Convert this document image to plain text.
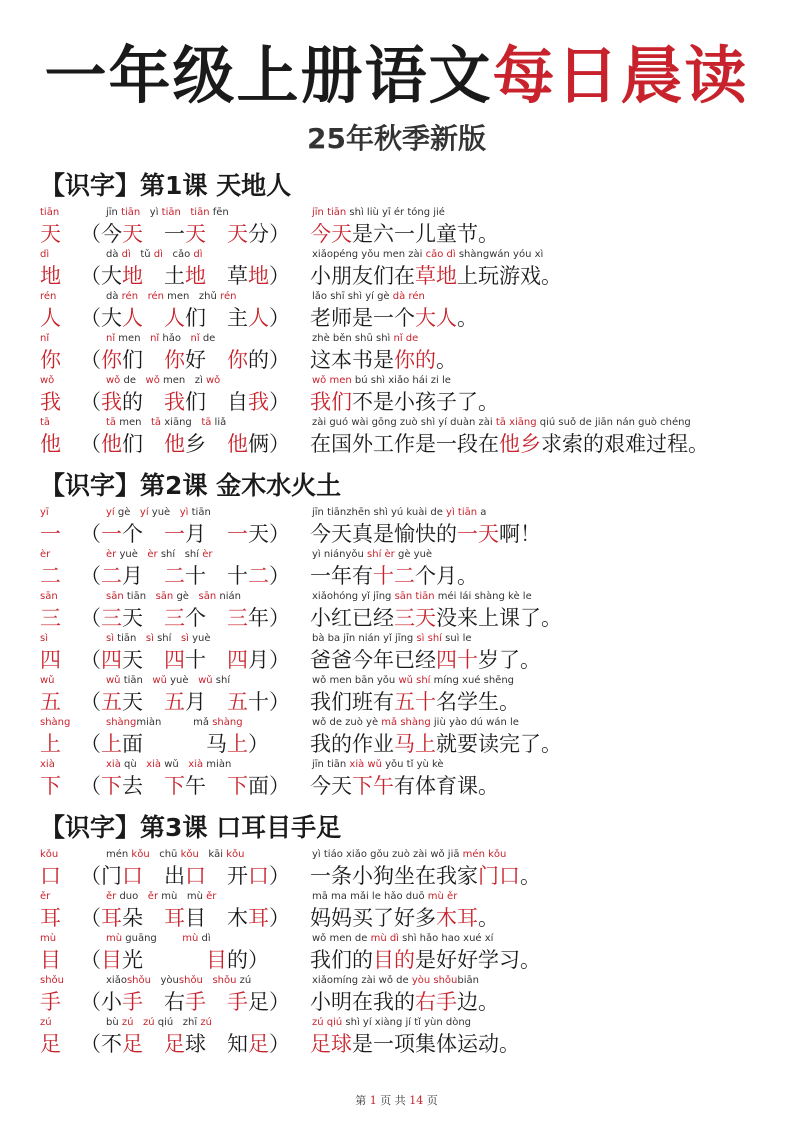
一年级上册语文每日晨读
25年秋季新版
【识字】第1课 天地人
tiān
天
jīn tiān   yì tiān tiān fēn
（今天　一天　 天分）
jīn tiān shì liù yī ér tóng jié
今天是六一儿童节。
dì
地
dà dì   tǔ dì   cǎo dì
（大地　土地　草地）
xiǎopéng yǒu men zài cǎo dì shàngwán yóu xì
小朋友们在草地上玩游戏。
rén
人
dà rén rén men   zhǔ rén
（大人　 人们　主人）
lǎo shī shì yí gè dà rén
老师是一个大人。
nǐ
你
nǐ men   nǐ hǎo   nǐ de
（你们　你好　你的）
zhè běn shū shì nǐ de
这本书是你的。
wǒ
我
wǒ de   wǒ men   zì wǒ
（我的　我们　自我）
wǒ men bú shì xiǎo hái zi le
我们不是小孩子了。
tā
他
tā men   tā xiāng   tā liǎ
（他们　他乡　他俩）
zài guó wài gōng zuò shì yí duàn zài tā xiāng qiú suǒ de jiān nán guò chéng
在国外工作是一段在他乡求索的艰难过程。
【识字】第2课 金木水火土
yī
一
yí gè   yí yuè   yì tiān
（一个　一月　一天）
jīn tiānzhēn shì yú kuài de yì tiān a
今天真是愉快的一天啊！
èr
二
èr yuè   èr shí   shí èr
（二月　二十　十二）
yì niányǒu shí èr gè yuè
一年有十二个月。
sān
三
sān tiān   sān gè   sān nián
（三天　三个　三年）
xiǎohóng yǐ jīng sān tiān méi lái shàng kè le
小红已经三天没来上课了。
sì
四
sì tiān   sì shí   sì yuè
（四天　四十　四月）
bà ba jīn nián yǐ jīng sì shí suì le
爸爸今年已经四十岁了。
wǔ
五
wǔ tiān   wǔ yuè   wǔ shí
（五天　五月　五十）
wǒ men bān yǒu wǔ shí míng xué shēng
我们班有五十名学生。
shàng
上
shàngmiàn          mǎ shàng
（上面　　　马上）
wǒ de zuò yè mǎ shàng jiù yào dú wán le
我的作业马上就要读完了。
xià
下
xià qù   xià wǔ   xià miàn
（下去　下午　下面）
jīn tiān xià wǔ yǒu tǐ yù kè
今天下午有体育课。
【识字】第3课 口耳目手足
kǒu
口
mén kǒu   chū kǒu   kāi kǒu
（门口　出口　开口）
yì tiáo xiǎo gǒu zuò zài wǒ jiā mén kǒu
一条小狗坐在我家门口。
ěr
耳
ěr duo   ěr mù   mù ěr
（耳朵　耳目　木耳）
mā ma mǎi le hǎo duō mù ěr
妈妈买了好多木耳。
mù
目
mù guāng        mù dì
（目光　　　目的）
wǒ men de mù dì shì hǎo hao xué xí
我们的目的是好好学习。
shǒu
手
xiǎoshǒu   yòushǒu shǒu zú
（小手　右手　 手足）
xiǎomíng zài wǒ de yòu shǒubiān
小明在我的右手边。
zú
足
bù zú zú qiú   zhī zú
（不足　 足球　知足）
zú qiú shì yí xiàng jí tǐ yùn dòng
足球是一项集体运动。
第 1 页 共 14 页
